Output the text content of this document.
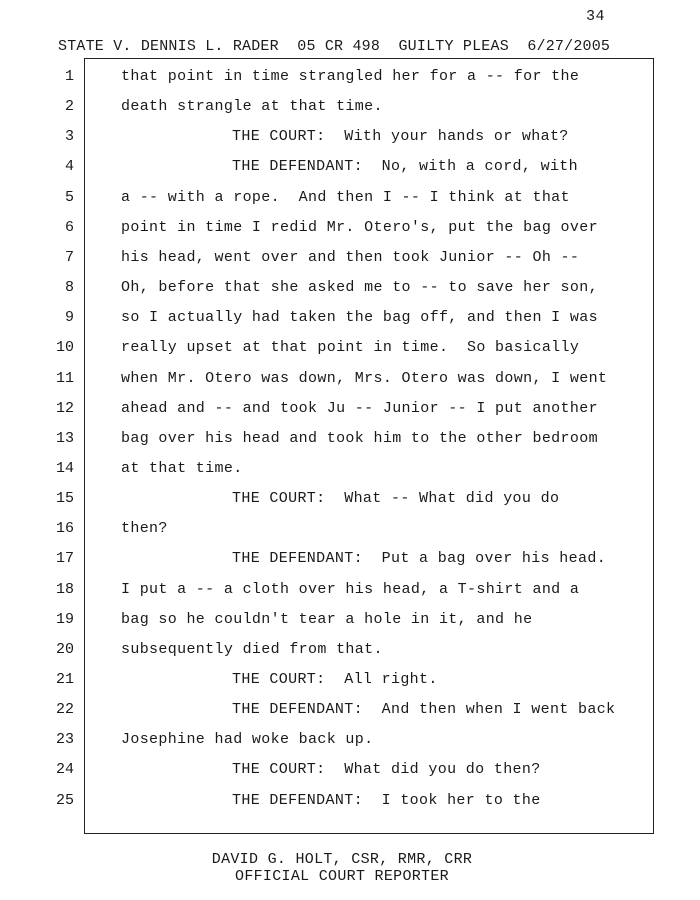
34
STATE V. DENNIS L. RADER 05 CR 498 GUILTY PLEAS 6/27/2005
1	that point in time strangled her for a -- for the
2	death strangle at that time.
3	THE COURT:  With your hands or what?
4	THE DEFENDANT:  No, with a cord, with
5	a -- with a rope.  And then I -- I think at that
6	point in time I redid Mr. Otero's, put the bag over
7	his head, went over and then took Junior -- Oh --
8	Oh, before that she asked me to -- to save her son,
9	so I actually had taken the bag off, and then I was
10	really upset at that point in time.  So basically
11	when Mr. Otero was down, Mrs. Otero was down, I went
12	ahead and -- and took Ju -- Junior -- I put another
13	bag over his head and took him to the other bedroom
14	at that time.
15	THE COURT:  What -- What did you do
16	then?
17	THE DEFENDANT:  Put a bag over his head.
18	I put a -- a cloth over his head, a T-shirt and a
19	bag so he couldn't tear a hole in it, and he
20	subsequently died from that.
21	THE COURT:  All right.
22	THE DEFENDANT:  And then when I went back
23	Josephine had woke back up.
24	THE COURT:  What did you do then?
25	THE DEFENDANT:  I took her to the
DAVID G. HOLT, CSR, RMR, CRR
OFFICIAL COURT REPORTER
